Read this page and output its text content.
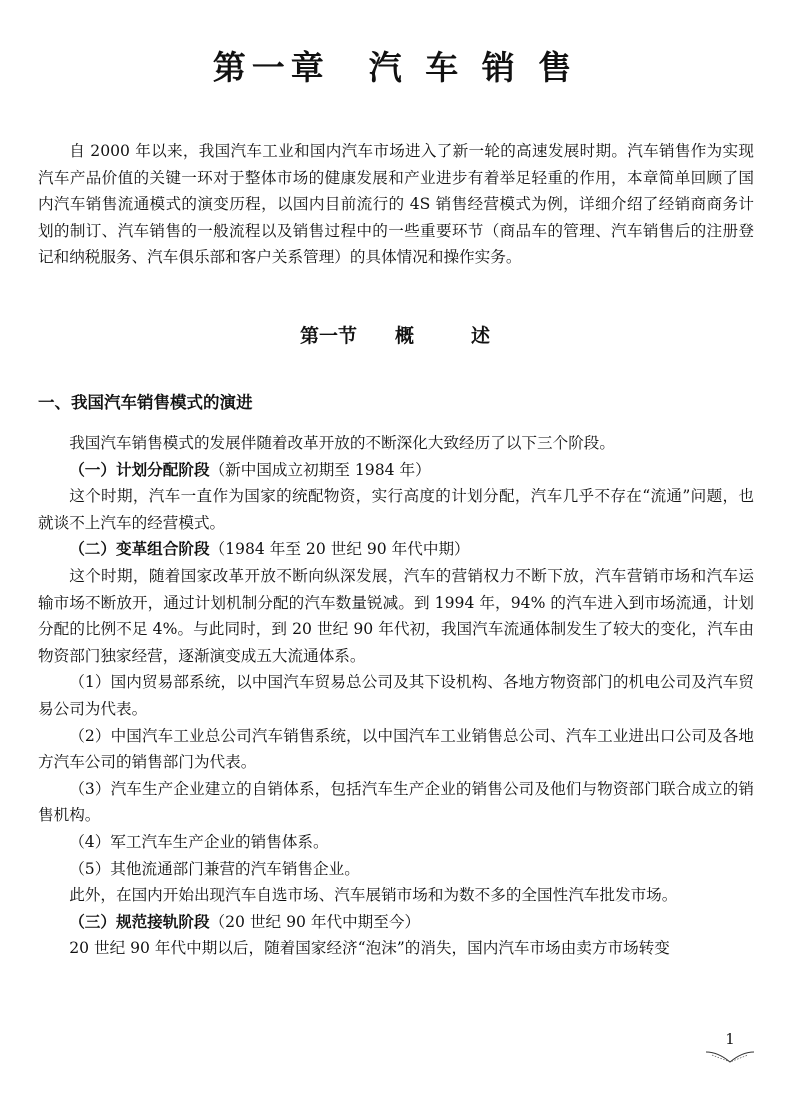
第一章　汽 车 销 售

自 2000 年以来，我国汽车工业和国内汽车市场进入了新一轮的高速发展时期。汽车销售作为实现汽车产品价值的关键一环对于整体市场的健康发展和产业进步有着举足轻重的作用，本章简单回顾了国内汽车销售流通模式的演变历程，以国内目前流行的 4S 销售经营模式为例，详细介绍了经销商商务计划的制订、汽车销售的一般流程以及销售过程中的一些重要环节（商品车的管理、汽车销售后的注册登记和纳税服务、汽车俱乐部和客户关系管理）的具体情况和操作实务。

第一节　　概　　　述
一、我国汽车销售模式的演进

我国汽车销售模式的发展伴随着改革开放的不断深化大致经历了以下三个阶段。

（一）计划分配阶段（新中国成立初期至 1984 年）

这个时期，汽车一直作为国家的统配物资，实行高度的计划分配，汽车几乎不存在“流通”问题，也就谈不上汽车的经营模式。

（二）变革组合阶段（1984 年至 20 世纪 90 年代中期）

这个时期，随着国家改革开放不断向纵深发展，汽车的营销权力不断下放，汽车营销市场和汽车运输市场不断放开，通过计划机制分配的汽车数量锐减。到 1994 年，94% 的汽车进入到市场流通，计划分配的比例不足 4%。与此同时，到 20 世纪 90 年代初，我国汽车流通体制发生了较大的变化，汽车由物资部门独家经营，逐渐演变成五大流通体系。

（1）国内贸易部系统，以中国汽车贸易总公司及其下设机构、各地方物资部门的机电公司及汽车贸易公司为代表。

（2）中国汽车工业总公司汽车销售系统，以中国汽车工业销售总公司、汽车工业进出口公司及各地方汽车公司的销售部门为代表。

（3）汽车生产企业建立的自销体系，包括汽车生产企业的销售公司及他们与物资部门联合成立的销售机构。

（4）军工汽车生产企业的销售体系。

（5）其他流通部门兼营的汽车销售企业。

此外，在国内开始出现汽车自选市场、汽车展销市场和为数不多的全国性汽车批发市场。

（三）规范接轨阶段（20 世纪 90 年代中期至今）

20 世纪 90 年代中期以后，随着国家经济“泡沫”的消失，国内汽车市场由卖方市场转变

1
